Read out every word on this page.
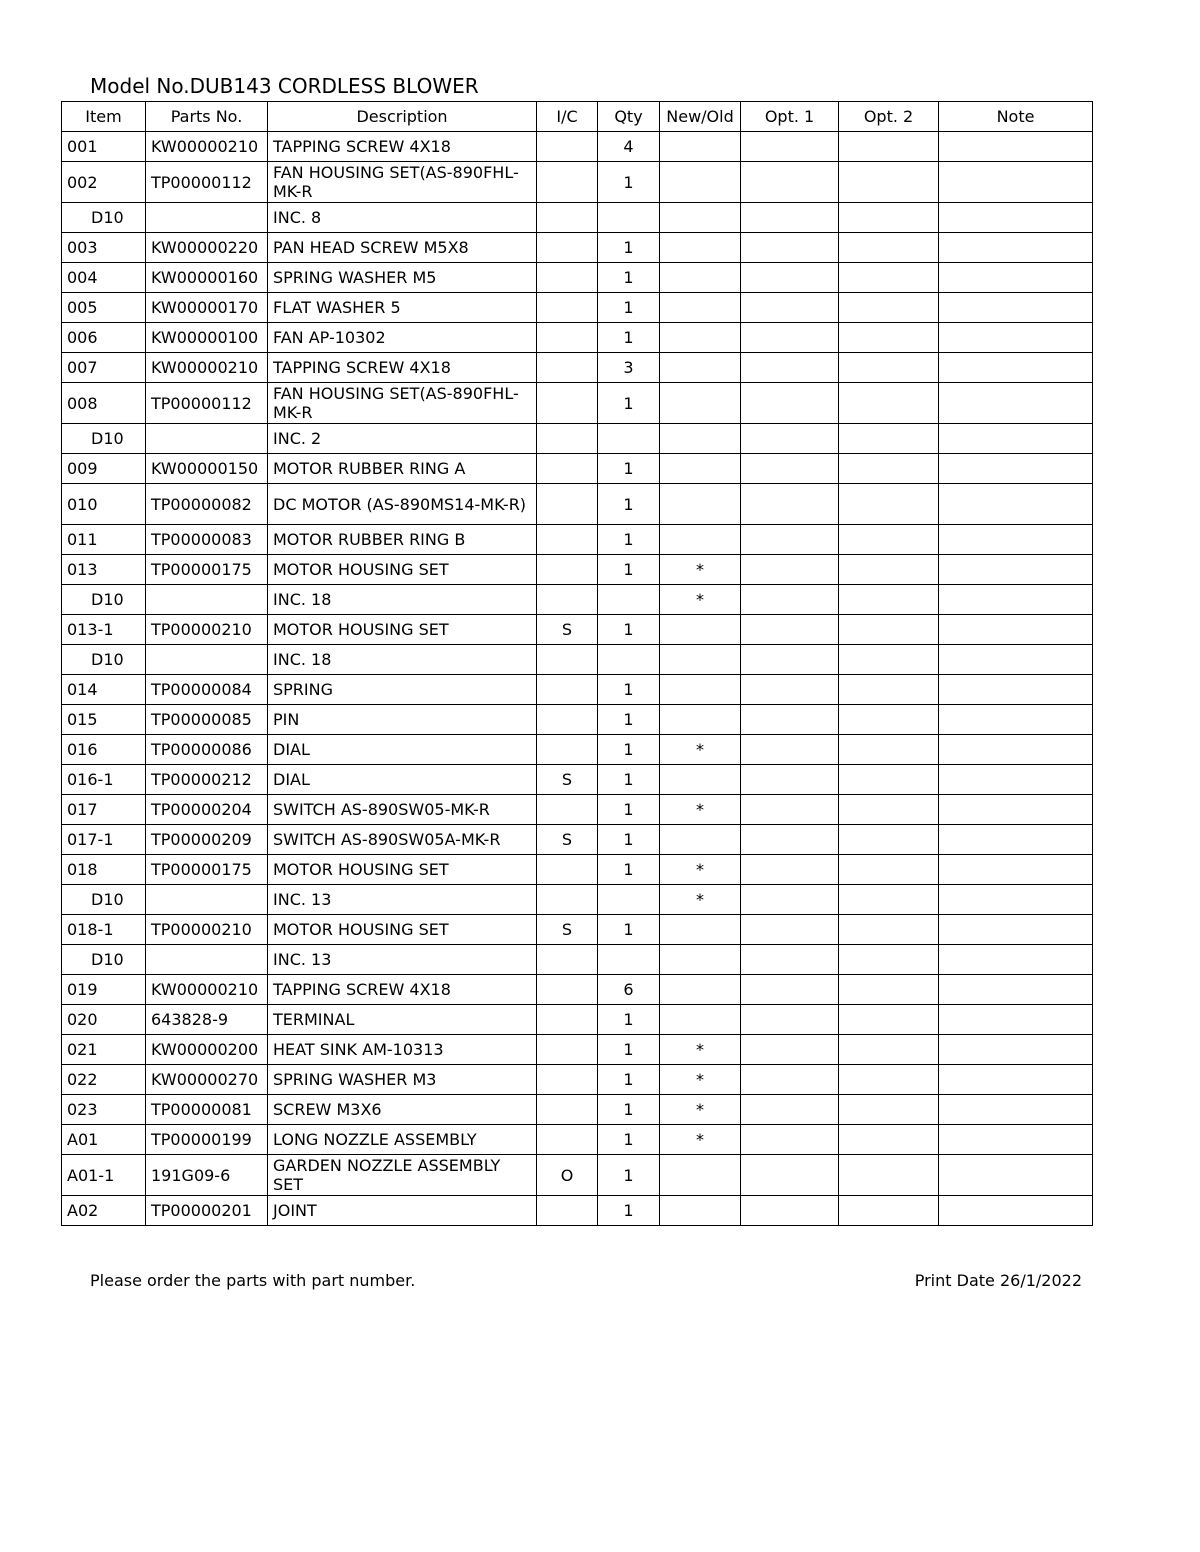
Model No.DUB143 CORDLESS BLOWER
Item	Parts No.	Description	I/C	Qty	New/Old	Opt. 1	Opt. 2	Note
001	KW00000210	TAPPING SCREW 4X18		4				
002	TP00000112	FAN HOUSING SET(AS-890FHL-MK-R		1				
D10		INC. 8						
003	KW00000220	PAN HEAD SCREW M5X8		1				
004	KW00000160	SPRING WASHER M5		1				
005	KW00000170	FLAT WASHER 5		1				
006	KW00000100	FAN AP-10302		1				
007	KW00000210	TAPPING SCREW 4X18		3				
008	TP00000112	FAN HOUSING SET(AS-890FHL-MK-R		1				
D10		INC. 2						
009	KW00000150	MOTOR RUBBER RING A		1				
010	TP00000082	DC MOTOR (AS-890MS14-MK-R)		1				
011	TP00000083	MOTOR RUBBER RING B		1				
013	TP00000175	MOTOR HOUSING SET		1	*			
D10		INC. 18			*			
013-1	TP00000210	MOTOR HOUSING SET	S	1				
D10		INC. 18						
014	TP00000084	SPRING		1				
015	TP00000085	PIN		1				
016	TP00000086	DIAL		1	*			
016-1	TP00000212	DIAL	S	1				
017	TP00000204	SWITCH AS-890SW05-MK-R		1	*			
017-1	TP00000209	SWITCH AS-890SW05A-MK-R	S	1				
018	TP00000175	MOTOR HOUSING SET		1	*			
D10		INC. 13			*			
018-1	TP00000210	MOTOR HOUSING SET	S	1				
D10		INC. 13						
019	KW00000210	TAPPING SCREW 4X18		6				
020	643828-9	TERMINAL		1				
021	KW00000200	HEAT SINK AM-10313		1	*			
022	KW00000270	SPRING WASHER M3		1	*			
023	TP00000081	SCREW M3X6		1	*			
A01	TP00000199	LONG NOZZLE ASSEMBLY		1	*			
A01-1	191G09-6	GARDEN NOZZLE ASSEMBLY SET	O	1				
A02	TP00000201	JOINT		1				
Please order the parts with part number.	Print Date 26/1/2022
